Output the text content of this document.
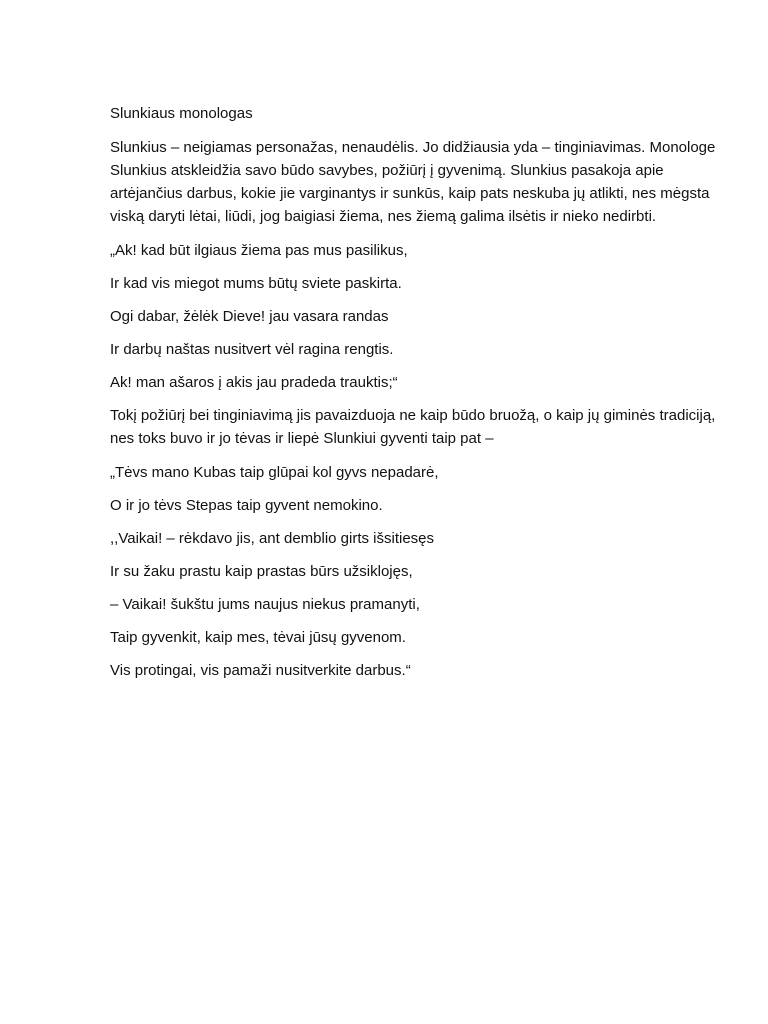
Slunkiaus monologas

Slunkius – neigiamas personažas, nenaudėlis. Jo didžiausia yda – tinginiavimas. Monologe Slunkius atskleidžia savo būdo savybes, požiūrį į gyvenimą. Slunkius pasakoja apie artėjančius darbus, kokie jie varginantys ir sunkūs, kaip pats neskuba jų atlikti, nes mėgsta viską daryti lėtai, liūdi, jog baigiasi žiema, nes žiemą galima ilsėtis ir nieko nedirbti.

„Ak! kad būt ilgiaus žiema pas mus pasilikus,

Ir kad vis miegot mums būtų sviete paskirta.

Ogi dabar, žėlėk Dieve! jau vasara randas

Ir darbų naštas nusitvert vėl ragina rengtis.

Ak! man ašaros į akis jau pradeda trauktis;“

Tokį požiūrį bei tinginiavimą jis pavaizduoja ne kaip būdo bruožą, o kaip jų giminės tradiciją, nes toks buvo ir jo tėvas ir liepė Slunkiui gyventi taip pat –

„Tėvs mano Kubas taip glūpai kol gyvs nepadarė,

O ir jo tėvs Stepas taip gyvent nemokino.

,,Vaikai! – rėkdavo jis, ant demblio girts išsitiesęs

Ir su žaku prastu kaip prastas būrs užsiklojęs,

– Vaikai! šukštu jums naujus niekus pramanyti,

Taip gyvenkit, kaip mes, tėvai jūsų gyvenom.

Vis protingai, vis pamaži nusitverkite darbus.“
